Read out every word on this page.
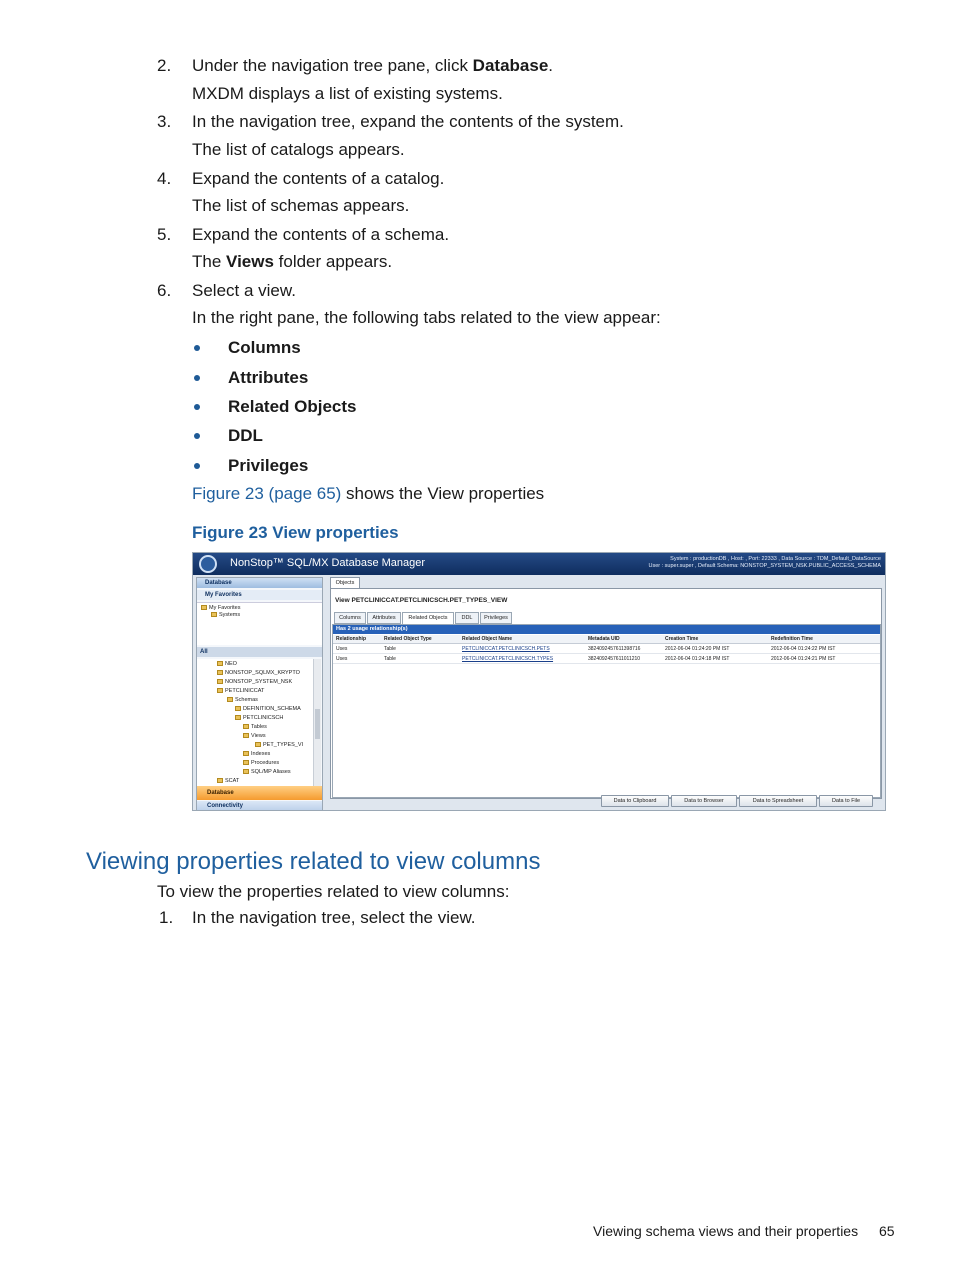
2. Under the navigation tree pane, click Database.
MXDM displays a list of existing systems.
3. In the navigation tree, expand the contents of the system.
The list of catalogs appears.
4. Expand the contents of a catalog.
The list of schemas appears.
5. Expand the contents of a schema.
The Views folder appears.
6. Select a view.
In the right pane, the following tabs related to the view appear:
Columns
Attributes
Related Objects
DDL
Privileges
Figure 23 (page 65) shows the View properties
Figure 23 View properties
NonStop™ SQL/MX Database Manager	System : productionDB , Host: , Port: 22333 , Data Source : TDM_Default_DataSource
User : super.super , Default Schema: NONSTOP_SYSTEM_NSK.PUBLIC_ACCESS_SCHEMA
Database
My Favorites
My Favorites
Systems
All
NEO
NONSTOP_SQLMX_KRYPTO
NONSTOP_SYSTEM_NSK
PETCLINICCAT
Schemas
DEFINITION_SCHEMA
PETCLINICSCH
Tables
Views
PET_TYPES_VI
Indexes
Procedures
SQL/MP Aliases
SCAT
Database
Connectivity
Objects
View PETCLINICCAT.PETCLINICSCH.PET_TYPES_VIEW
Columns	Attributes	Related Objects	DDL	Privileges
Has 2 usage relationship(s)
Relationship	Related Object Type	Related Object Name	Metadata UID	Creation Time	Redefinition Time
Uses	Table	PETCLINICCAT.PETCLINICSCH.PETS	3824092457611398716	2012-06-04 01:24:20 PM IST	2012-06-04 01:24:22 PM IST
Uses	Table	PETCLINICCAT.PETCLINICSCH.TYPES	3824092457611011210	2012-06-04 01:24:18 PM IST	2012-06-04 01:24:21 PM IST
Data to Clipboard	Data to Browser	Data to Spreadsheet	Data to File
Viewing properties related to view columns
To view the properties related to view columns:
1. In the navigation tree, select the view.
Viewing schema views and their properties 65
